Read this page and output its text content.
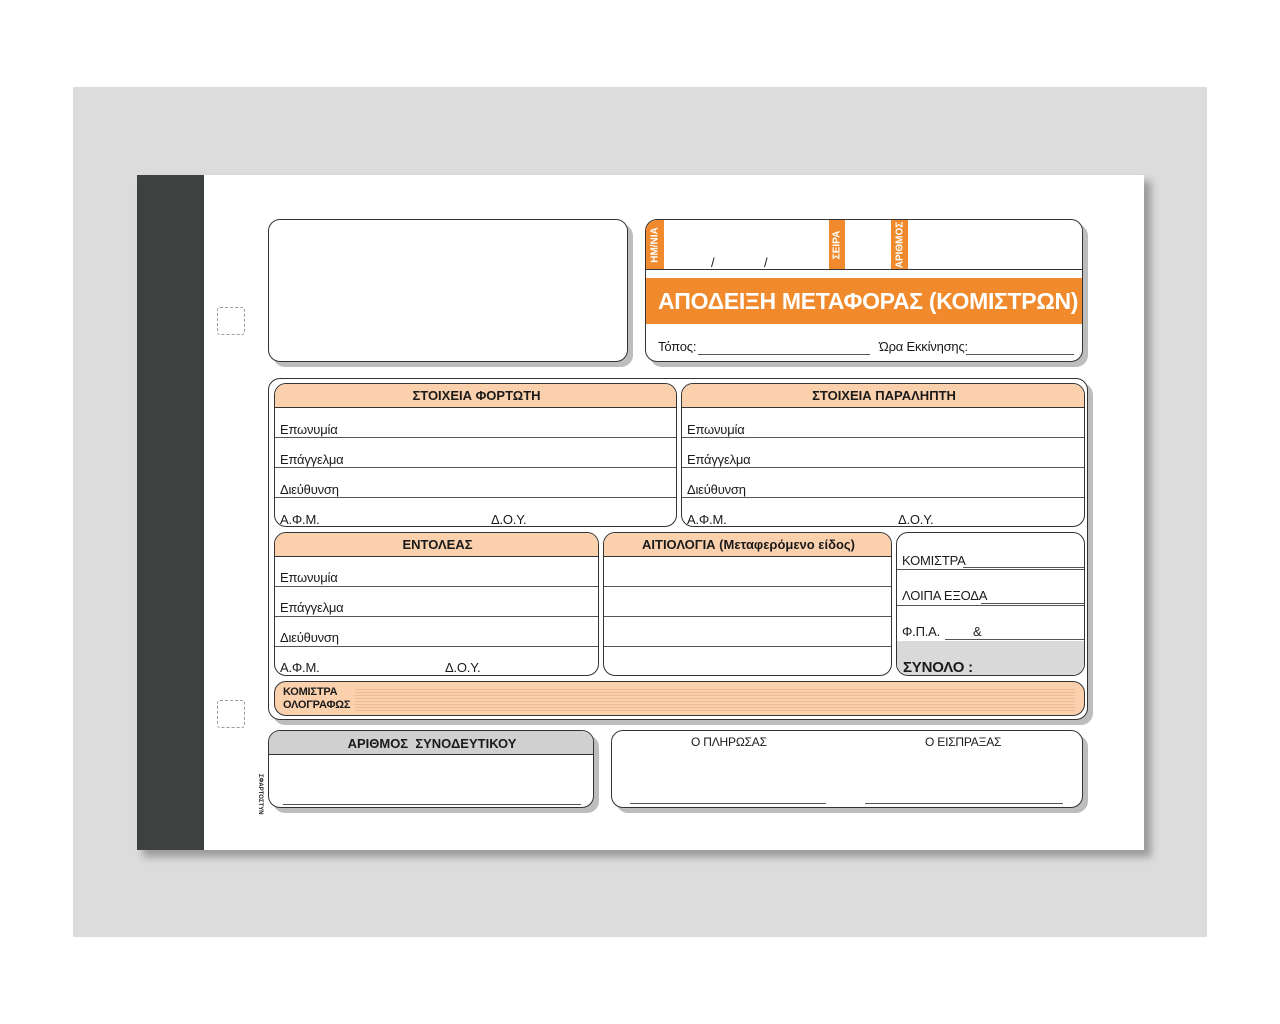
ΗΜ/ΝΙΑ	/	/
ΣΕΙΡΑ	ΑΡΙΘΜΟΣ
ΑΠΟΔΕΙΞΗ ΜΕΤΑΦΟΡΑΣ (ΚΟΜΙΣΤΡΩΝ)
Τόπος:	Ώρα Εκκίνησης:
ΣΤΟΙΧΕΙΑ ΦΟΡΤΩΤΗ
Επωνυμία
Επάγγελμα
Διεύθυνση
Α.Φ.Μ.	Δ.Ο.Υ.
ΣΤΟΙΧΕΙΑ ΠΑΡΑΛΗΠΤΗ
Επωνυμία
Επάγγελμα
Διεύθυνση
Α.Φ.Μ.	Δ.Ο.Υ.
ΕΝΤΟΛΕΑΣ
Επωνυμία
Επάγγελμα
Διεύθυνση
Α.Φ.Μ.	Δ.Ο.Υ.
ΑΙΤΙΟΛΟΓΙΑ (Μεταφερόμενο είδος)
ΚΟΜΙΣΤΡΑ
ΛΟΙΠΑ ΕΞΟΔΑ
Φ.Π.Α.	&
ΣΥΝΟΛΟ :
ΚΟΜΙΣΤΡΑ
ΟΛΟΓΡΑΦΩΣ
ΑΡΙΘΜΟΣ  ΣΥΝΟΔΕΥΤΙΚΟΥ	Ο ΠΛΗΡΩΣΑΣ	Ο ΕΙΣΠΡΑΞΑΣ
